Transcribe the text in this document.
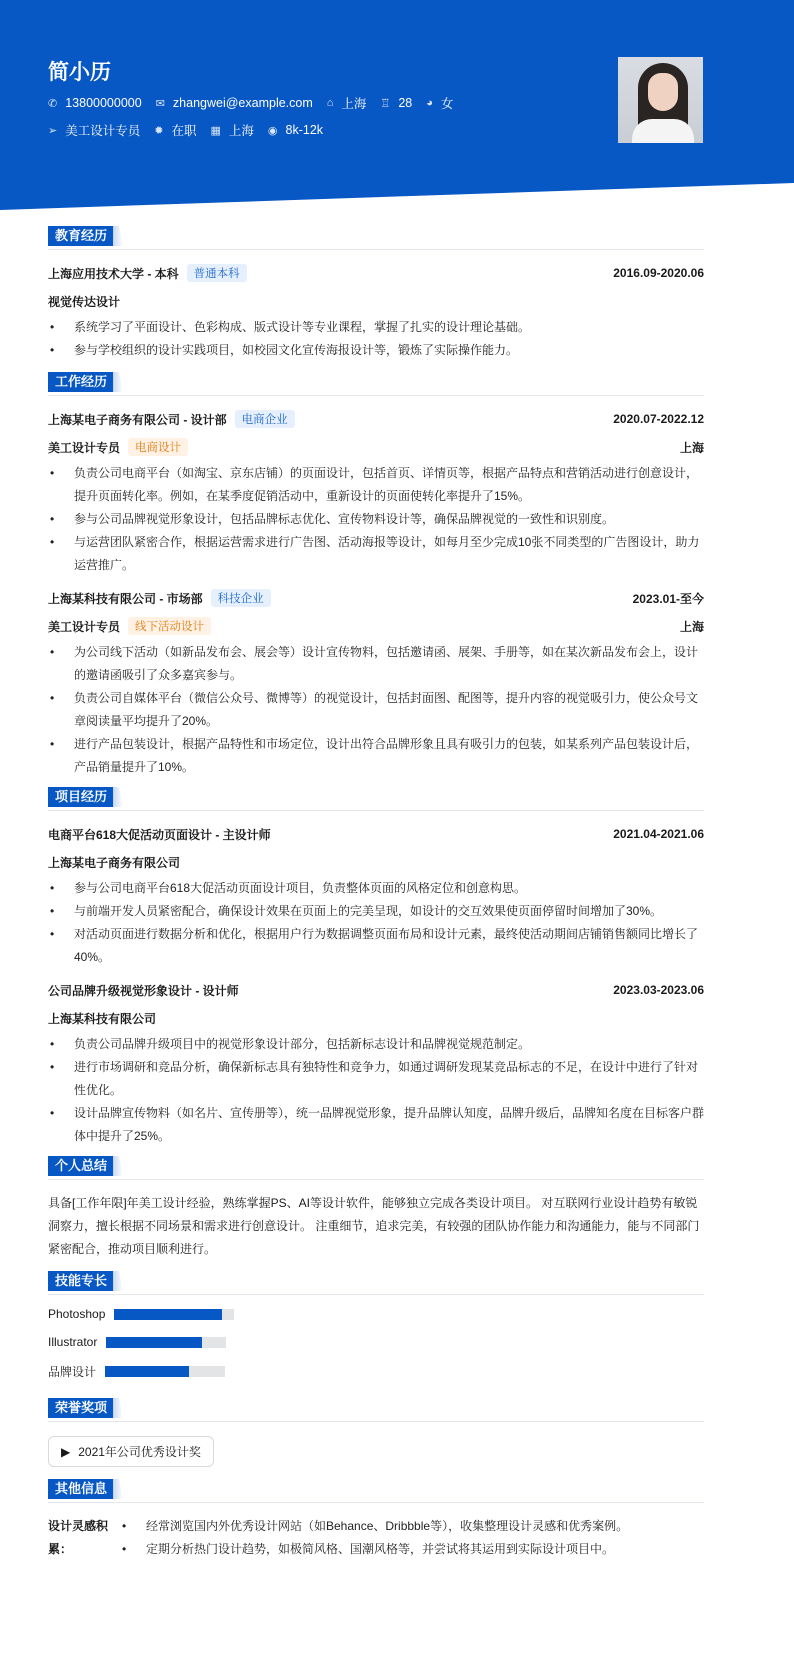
简小历
✆ 13800000000 ✉ zhangwei@example.com ⌂ 上海 ♖ 28 ◕ 女
➢ 美工设计专员 ✹ 在职 ▦ 上海 ◉ 8k-12k
教育经历
上海应用技术大学 - 本科	普通本科	2016.09-2020.06
视觉传达设计
• 系统学习了平面设计、色彩构成、版式设计等专业课程，掌握了扎实的设计理论基础。
• 参与学校组织的设计实践项目，如校园文化宣传海报设计等，锻炼了实际操作能力。
工作经历
上海某电子商务有限公司 - 设计部	电商企业	2020.07-2022.12
美工设计专员	电商设计	上海
• 负责公司电商平台（如淘宝、京东店铺）的页面设计，包括首页、详情页等，根据产品特点和营销活动进行创意设计，提升页面转化率。例如，在某季度促销活动中，重新设计的页面使转化率提升了15%。
• 参与公司品牌视觉形象设计，包括品牌标志优化、宣传物料设计等，确保品牌视觉的一致性和识别度。
• 与运营团队紧密合作，根据运营需求进行广告图、活动海报等设计，如每月至少完成10张不同类型的广告图设计，助力运营推广。
上海某科技有限公司 - 市场部	科技企业	2023.01-至今
美工设计专员	线下活动设计	上海
• 为公司线下活动（如新品发布会、展会等）设计宣传物料，包括邀请函、展架、手册等，如在某次新品发布会上，设计的邀请函吸引了众多嘉宾参与。
• 负责公司自媒体平台（微信公众号、微博等）的视觉设计，包括封面图、配图等，提升内容的视觉吸引力，使公众号文章阅读量平均提升了20%。
• 进行产品包装设计，根据产品特性和市场定位，设计出符合品牌形象且具有吸引力的包装，如某系列产品包装设计后，产品销量提升了10%。
项目经历
电商平台618大促活动页面设计 - 主设计师	2021.04-2021.06
上海某电子商务有限公司
• 参与公司电商平台618大促活动页面设计项目，负责整体页面的风格定位和创意构思。
• 与前端开发人员紧密配合，确保设计效果在页面上的完美呈现，如设计的交互效果使页面停留时间增加了30%。
• 对活动页面进行数据分析和优化，根据用户行为数据调整页面布局和设计元素，最终使活动期间店铺销售额同比增长了40%。
公司品牌升级视觉形象设计 - 设计师	2023.03-2023.06
上海某科技有限公司
• 负责公司品牌升级项目中的视觉形象设计部分，包括新标志设计和品牌视觉规范制定。
• 进行市场调研和竞品分析，确保新标志具有独特性和竞争力，如通过调研发现某竞品标志的不足，在设计中进行了针对性优化。
• 设计品牌宣传物料（如名片、宣传册等），统一品牌视觉形象，提升品牌认知度，品牌升级后，品牌知名度在目标客户群体中提升了25%。
个人总结
具备[工作年限]年美工设计经验，熟练掌握PS、AI等设计软件，能够独立完成各类设计项目。 对互联网行业设计趋势有敏锐洞察力，擅长根据不同场景和需求进行创意设计。 注重细节，追求完美，有较强的团队协作能力和沟通能力，能与不同部门紧密配合，推动项目顺利进行。
技能专长
Photoshop
Illustrator
品牌设计
荣誉奖项
▶ 2021年公司优秀设计奖
其他信息
设计灵感积累：
• 经常浏览国内外优秀设计网站（如Behance、Dribbble等），收集整理设计灵感和优秀案例。
• 定期分析热门设计趋势，如极简风格、国潮风格等，并尝试将其运用到实际设计项目中。
